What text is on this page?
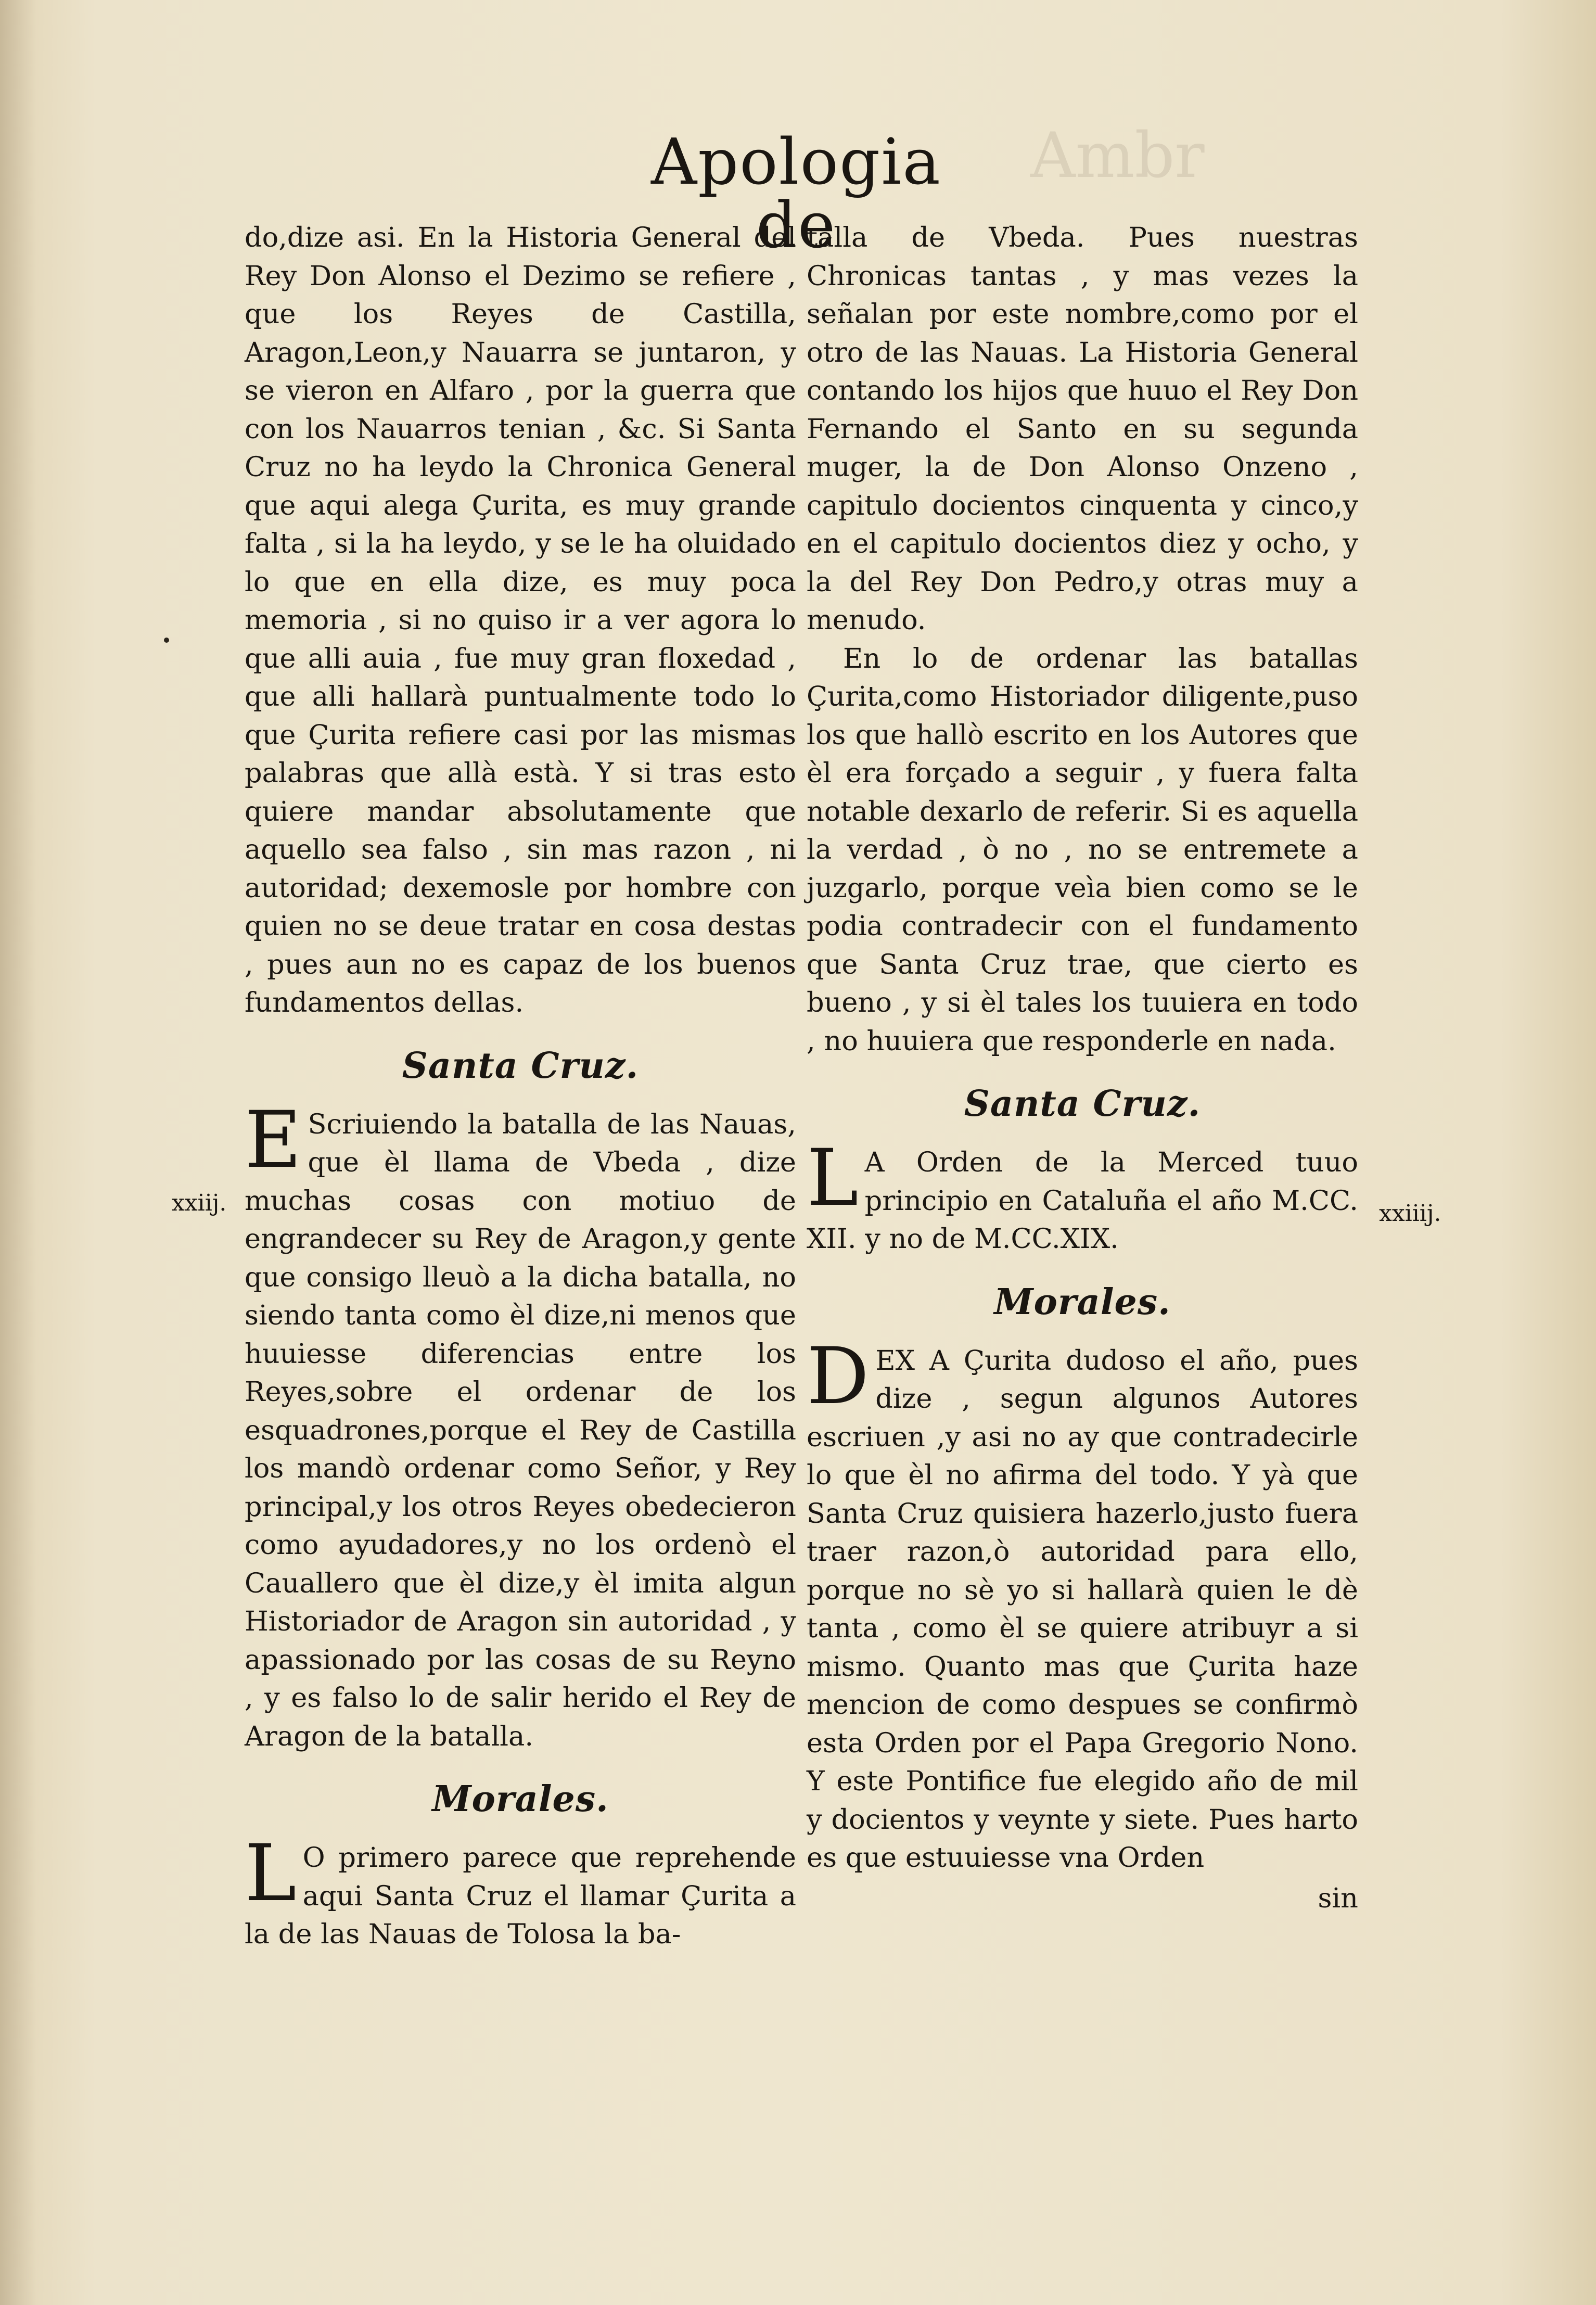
Ambr
Apologia de

do,dize asi. En la Historia General del Rey Don Alonso el Dezimo se refiere , que los Reyes de Castilla, Aragon,Leon,y Nauarra se juntaron, y se vieron en Alfaro , por la guerra que con los Nauarros tenian , &c. Si Santa Cruz no ha leydo la Chronica General que aqui alega Çurita, es muy grande falta , si la ha leydo, y se le ha oluidado lo que en ella dize, es muy poca memoria , si no quiso ir a ver agora lo que alli auia , fue muy gran floxedad , que alli hallarà puntualmente todo lo que Çurita refiere casi por las mismas palabras que allà està. Y si tras esto quiere mandar absolutamente que aquello sea falso , sin mas razon , ni autoridad; dexemosle por hombre con quien no se deue tratar en cosa destas , pues aun no es capaz de los buenos fundamentos dellas.

Santa Cruz.

E Scriuiendo la batalla de las Nauas, que èl llama de Vbeda , dize muchas cosas con motiuo de engrandecer su Rey de Aragon,y gente que consigo lleuò a la dicha batalla, no siendo tanta como èl dize,ni menos que huuiesse diferencias entre los Reyes,sobre el ordenar de los esquadrones,porque el Rey de Castilla los mandò ordenar como Señor, y Rey principal,y los otros Reyes obedecieron como ayudadores,y no los ordenò el Cauallero que èl dize,y èl imita algun Historiador de Aragon sin autoridad , y apassionado por las cosas de su Reyno , y es falso lo de salir herido el Rey de Aragon de la batalla.

Morales.

L O primero parece que reprehende aqui Santa Cruz el llamar Çurita a la de las Nauas de Tolosa la ba-

xxiij.

talla de Vbeda. Pues nuestras Chronicas tantas , y mas vezes la señalan por este nombre,como por el otro de las Nauas. La Historia General contando los hijos que huuo el Rey Don Fernando el Santo en su segunda muger, la de Don Alonso Onzeno , capitulo docientos cinquenta y cinco,y en el capitulo docientos diez y ocho, y la del Rey Don Pedro,y otras muy a menudo.

En lo de ordenar las batallas Çurita,como Historiador diligente,puso los que hallò escrito en los Autores que èl era forçado a seguir , y fuera falta notable dexarlo de referir. Si es aquella la verdad , ò no , no se entremete a juzgarlo, porque veìa bien como se le podia contradecir con el fundamento que Santa Cruz trae, que cierto es bueno , y si èl tales los tuuiera en todo , no huuiera que responderle en nada.

Santa Cruz.

L A Orden de la Merced tuuo principio en Cataluña el año M.CC. XII. y no de M.CC.XIX.

Morales.

DEX A Çurita dudoso el año, pues dize , segun algunos Autores escriuen ,y asi no ay que contradecirle lo que èl no afirma del todo. Y yà que Santa Cruz quisiera hazerlo,justo fuera traer razon,ò autoridad para ello, porque no sè yo si hallarà quien le dè tanta , como èl se quiere atribuyr a si mismo. Quanto mas que Çurita haze mencion de como despues se confirmò esta Orden por el Papa Gregorio Nono. Y este Pontifice fue elegido año de mil y docientos y veynte y siete. Pues harto es que estuuiesse vna Orden

sin
xxiiij.
